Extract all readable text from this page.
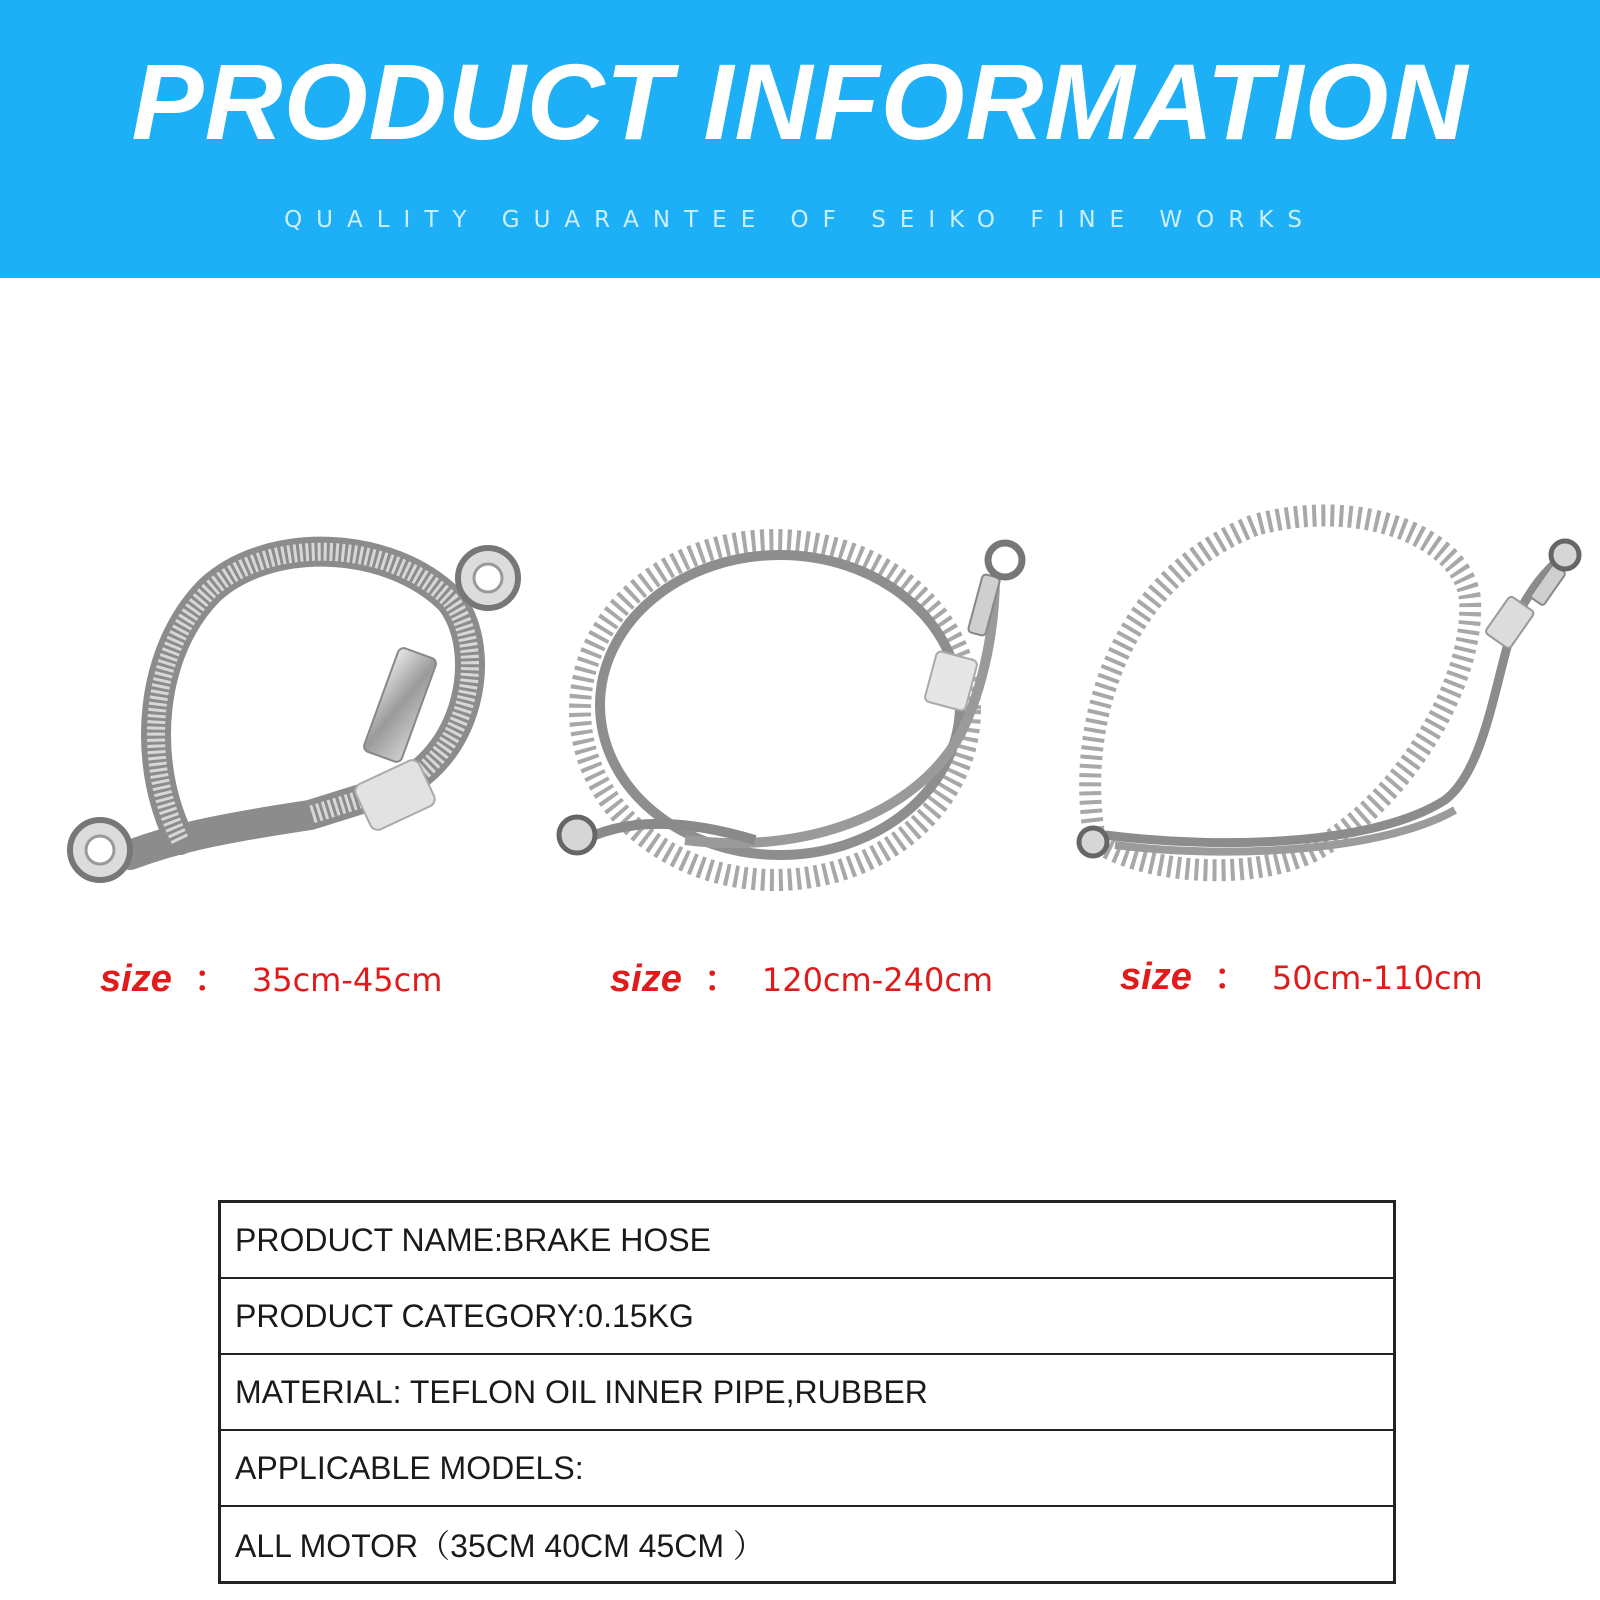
PRODUCT INFORMATION
QUALITY GUARANTEE OF SEIKO FINE WORKS
size ： 35cm-45cm	size ： 120cm-240cm	size ： 50cm-110cm
PRODUCT NAME:BRAKE HOSE
PRODUCT CATEGORY:0.15KG
MATERIAL: TEFLON OIL INNER PIPE,RUBBER
APPLICABLE MODELS:
ALL MOTOR（35CM 40CM 45CM ）
